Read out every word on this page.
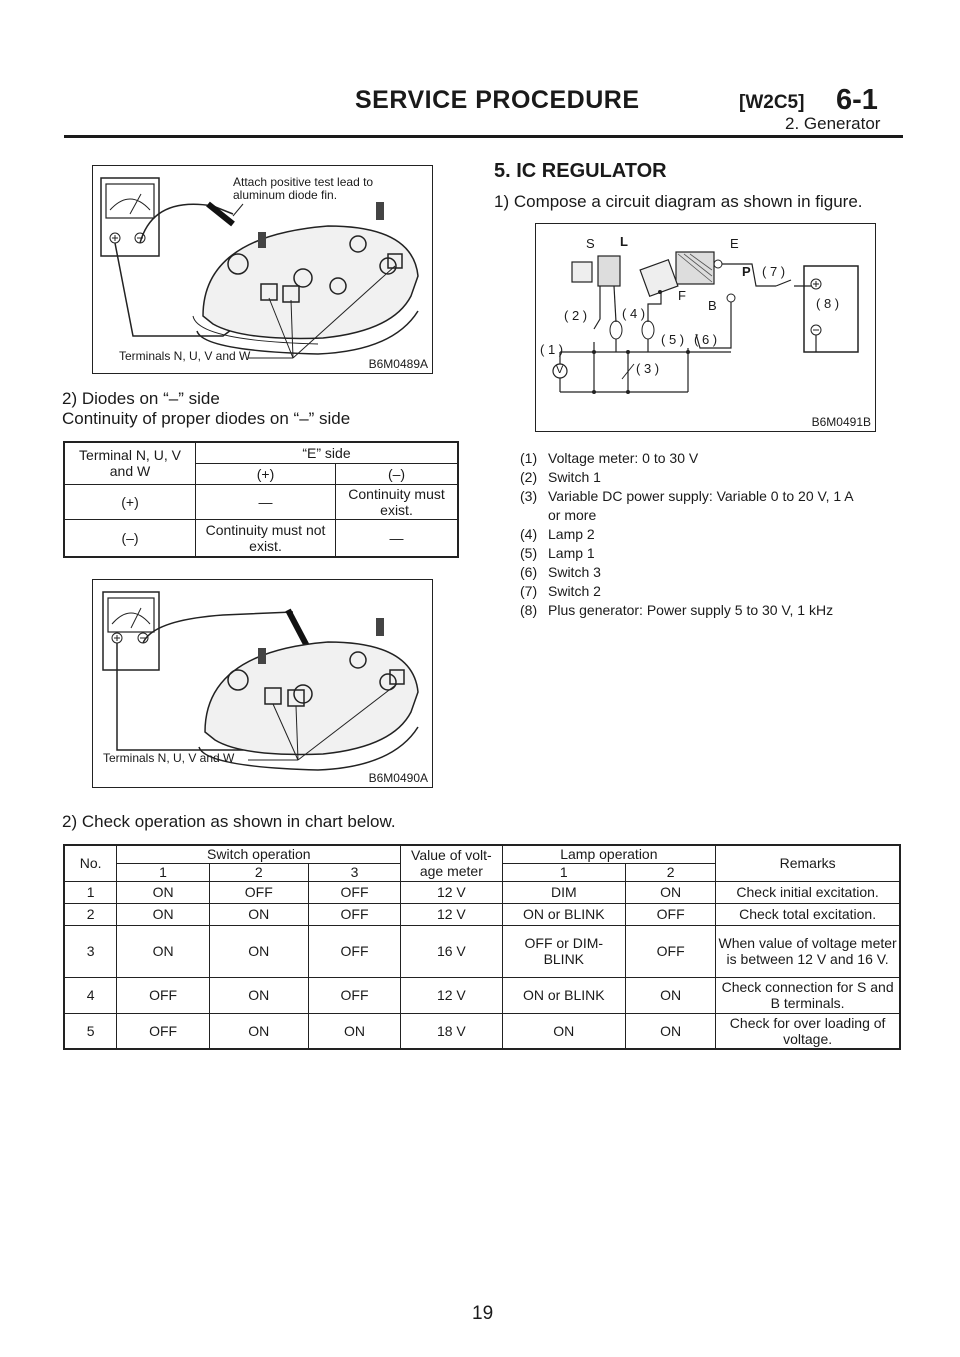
SERVICE PROCEDURE	[W2C5] 6-1
2. Generator
Attach positive test lead to
aluminum diode fin.
Terminals N, U, V and W
B6M0489A
2) Diodes on “–” side
Continuity of proper diodes on “–” side
Terminal N, U, V and W	“E” side	
	(+)	(–)
(+)	—	Continuity must exist.
(–)	Continuity must not exist.	—
Terminals N, U, V and W
B6M0490A
5. IC REGULATOR
1) Compose a circuit diagram as shown in figure.
S L	E
P
F
B
( 1 )
( 2 )
( 3 )
( 4 )
( 5 ) ( 6 )
( 7 )
( 8 )
V
B6M0491B
(1) Voltage meter: 0 to 30 V
(2) Switch 1
(3) Variable DC power supply: Variable 0 to 20 V, 1 A
or more
(4) Lamp 2
(5) Lamp 1
(6) Switch 3
(7) Switch 2
(8) Plus generator: Power supply 5 to 30 V, 1 kHz
2) Check operation as shown in chart below.
No.	Switch operation			Value of volt-age meter	Lamp operation		Remarks
	1	2	3		1	2	
1	ON	OFF	OFF	12 V	DIM	ON	Check initial excitation.
2	ON	ON	OFF	12 V	ON or BLINK	OFF	Check total excitation.
3	ON	ON	OFF	16 V	OFF or DIM-BLINK	OFF	When value of voltage meter is between 12 V and 16 V.
4	OFF	ON	OFF	12 V	ON or BLINK	ON	Check connection for S and B terminals.
5	OFF	ON	ON	18 V	ON	ON	Check for over loading of voltage.
19
